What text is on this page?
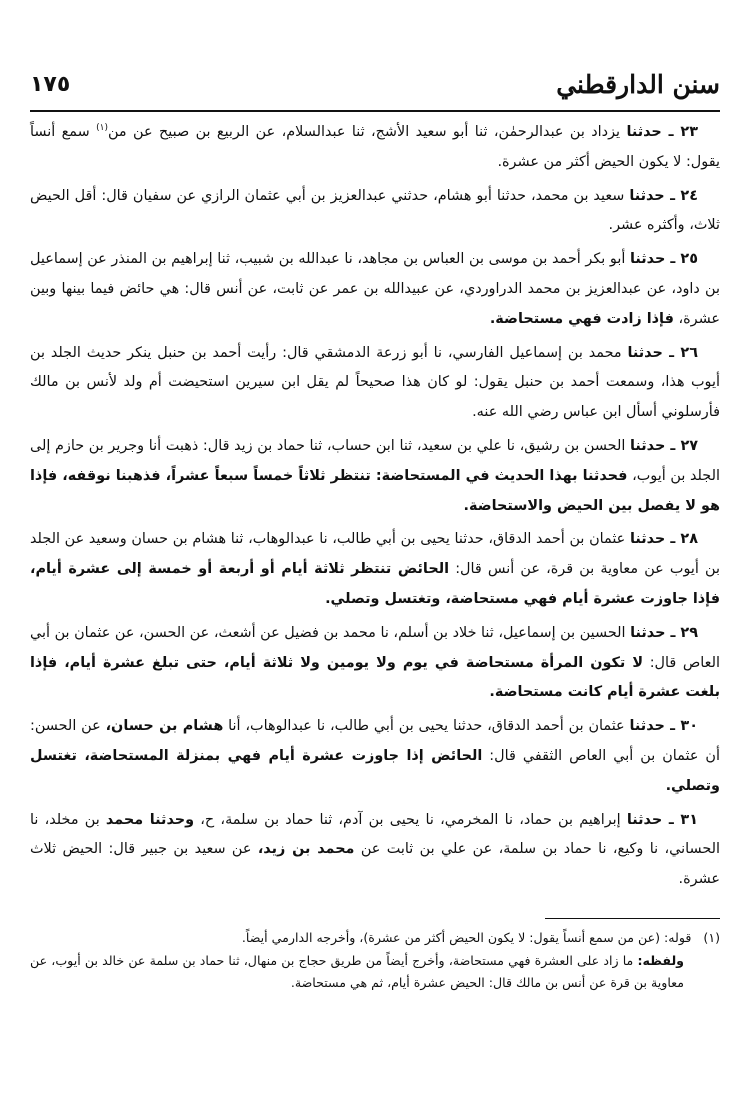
١٧٥	سنن الدارقطني

٢٣ ـ حدثنا يزداد بن عبدالرحمٰن، ثنا أبو سعيد الأشج، ثنا عبدالسلام، عن الربيع بن صبيح عن من$^{(١)}$ سمع أنساً يقول: لا يكون الحيض أكثر من عشرة.

٢٤ ـ حدثنا سعيد بن محمد، حدثنا أبو هشام، حدثني عبدالعزيز بن أبي عثمان الرازي عن سفيان قال: أقل الحيض ثلاث، وأكثره عشر.

٢٥ ـ حدثنا أبو بكر أحمد بن موسى بن العباس بن مجاهد، نا عبدالله بن شبيب، ثنا إبراهيم بن المنذر عن إسماعيل بن داود، عن عبدالعزيز بن محمد الدراوردي، عن عبيدالله بن عمر عن ثابت، عن أنس قال: هي حائض فيما بينها وبين عشرة، فإذا زادت فهي مستحاضة.

٢٦ ـ حدثنا محمد بن إسماعيل الفارسي، نا أبو زرعة الدمشقي قال: رأيت أحمد بن حنبل ينكر حديث الجلد بن أيوب هذا، وسمعت أحمد بن حنبل يقول: لو كان هذا صحيحاً لم يقل ابن سيرين استحيضت أم ولد لأنس بن مالك فأرسلوني أسأل ابن عباس رضي الله عنه.

٢٧ ـ حدثنا الحسن بن رشيق، نا علي بن سعيد، ثنا ابن حساب، ثنا حماد بن زيد قال: ذهبت أنا وجرير بن حازم إلى الجلد بن أيوب، فحدثنا بهذا الحديث في المستحاضة: تنتظر ثلاثاً خمساً سبعاً عشراً، فذهبنا نوقفه، فإذا هو لا يفصل بين الحيض والاستحاضة.

٢٨ ـ حدثنا عثمان بن أحمد الدقاق، حدثنا يحيى بن أبي طالب، نا عبدالوهاب، ثنا هشام بن حسان وسعيد عن الجلد بن أيوب عن معاوية بن قرة، عن أنس قال: الحائض تنتظر ثلاثة أيام أو أربعة أو خمسة إلى عشرة أيام، فإذا جاوزت عشرة أيام فهي مستحاضة، وتغتسل وتصلي.

٢٩ ـ حدثنا الحسين بن إسماعيل، ثنا خلاد بن أسلم، نا محمد بن فضيل عن أشعث، عن الحسن، عن عثمان بن أبي العاص قال: لا تكون المرأة مستحاضة في يوم ولا يومين ولا ثلاثة أيام، حتى تبلغ عشرة أيام، فإذا بلغت عشرة أيام كانت مستحاضة.

٣٠ ـ حدثنا عثمان بن أحمد الدقاق، حدثنا يحيى بن أبي طالب، نا عبدالوهاب، أنا هشام بن حسان، عن الحسن: أن عثمان بن أبي العاص الثقفي قال: الحائض إذا جاوزت عشرة أيام فهي بمنزلة المستحاضة، تغتسل وتصلي.

٣١ ـ حدثنا إبراهيم بن حماد، نا المخرمي، نا يحيى بن آدم، ثنا حماد بن سلمة، ح، وحدثنا محمد بن مخلد، نا الحساني، نا وكيع، نا حماد بن سلمة، عن علي بن ثابت عن محمد بن زيد، عن سعيد بن جبير قال: الحيض ثلاث عشرة.

(١)   قوله: (عن من سمع أنساً يقول: لا يكون الحيض أكثر من عشرة)، وأخرجه الدارمي أيضاً.

ولفظه: ما زاد على العشرة فهي مستحاضة، وأخرج أيضاً من طريق حجاج بن منهال، ثنا حماد بن سلمة عن خالد بن أيوب، عن معاوية بن قرة عن أنس بن مالك قال: الحيض عشرة أيام، ثم هي مستحاضة.
